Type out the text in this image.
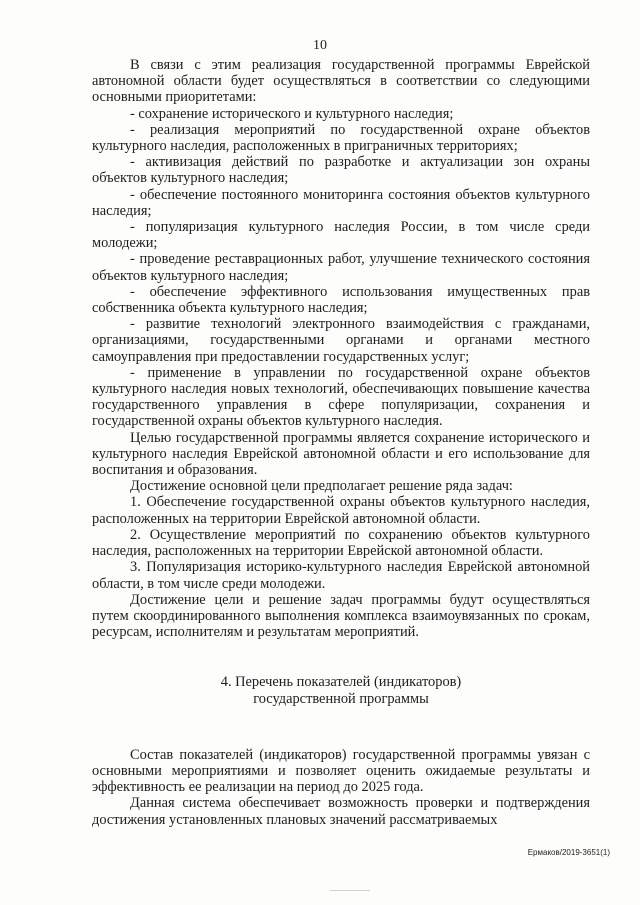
10

В связи с этим реализация государственной программы Еврейской автономной области будет осуществляться в соответствии со следующими основными приоритетами:

- сохранение исторического и культурного наследия;

- реализация мероприятий по государственной охране объектов культурного наследия, расположенных в приграничных территориях;

- активизация действий по разработке и актуализации зон охраны объектов культурного наследия;

- обеспечение постоянного мониторинга состояния объектов культурного наследия;

- популяризация культурного наследия России, в том числе среди молодежи;

- проведение реставрационных работ, улучшение технического состояния объектов культурного наследия;

- обеспечение эффективного использования имущественных прав собственника объекта культурного наследия;

- развитие технологий электронного взаимодействия с гражданами, организациями, государственными органами и органами местного самоуправления при предоставлении государственных услуг;

- применение в управлении по государственной охране объектов культурного наследия новых технологий, обеспечивающих повышение качества государственного управления в сфере популяризации, сохранения и государственной охраны объектов культурного наследия.

Целью государственной программы является сохранение исторического и культурного наследия Еврейской автономной области и его использование для воспитания и образования.

Достижение основной цели предполагает решение ряда задач:

1. Обеспечение государственной охраны объектов культурного наследия, расположенных на территории Еврейской автономной области.

2. Осуществление мероприятий по сохранению объектов культурного наследия, расположенных на территории Еврейской автономной области.

3. Популяризация историко-культурного наследия Еврейской автономной области, в том числе среди молодежи.

Достижение цели и решение задач программы будут осуществляться путем скоординированного выполнения комплекса взаимоувязанных по срокам, ресурсам, исполнителям и результатам мероприятий.

4. Перечень показателей (индикаторов)
государственной программы

Состав показателей (индикаторов) государственной программы увязан с основными мероприятиями и позволяет оценить ожидаемые результаты и эффективность ее реализации на период до 2025 года.

Данная система обеспечивает возможность проверки и подтверждения достижения установленных плановых значений рассматриваемых

Ермаков/2019-3651(1)
